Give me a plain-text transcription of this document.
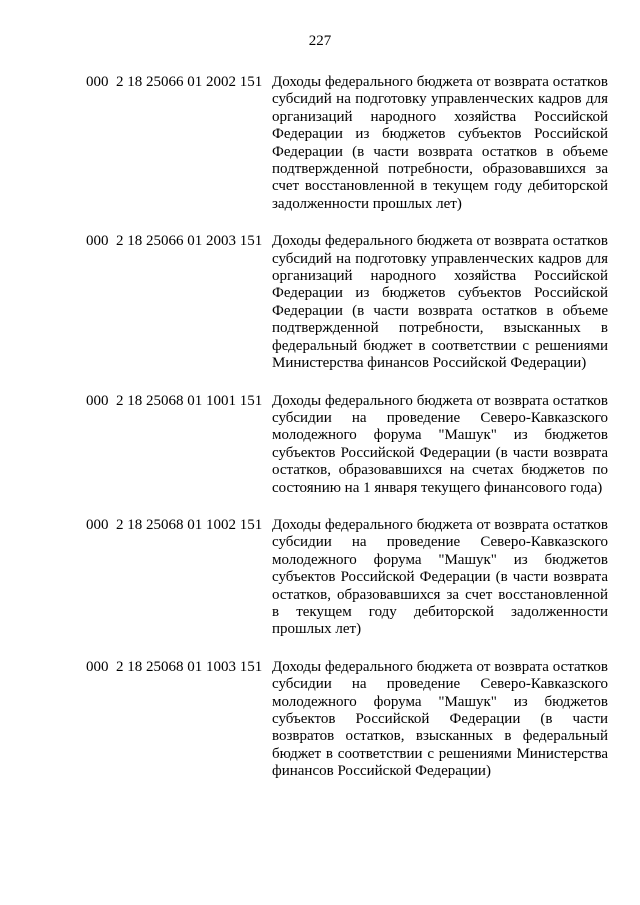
227
000 2 18 25066 01 2002 151 Доходы федерального бюджета от возврата остатков субсидий на подготовку управленческих кадров для организаций народного хозяйства Российской Федерации из бюджетов субъектов Российской Федерации (в части возврата остатков в объеме подтвержденной потребности, образовавшихся за счет восстановленной в текущем году дебиторской задолженности прошлых лет)
000 2 18 25066 01 2003 151 Доходы федерального бюджета от возврата остатков субсидий на подготовку управленческих кадров для организаций народного хозяйства Российской Федерации из бюджетов субъектов Российской Федерации (в части возврата остатков в объеме подтвержденной потребности, взысканных в федеральный бюджет в соответствии с решениями Министерства финансов Российской Федерации)
000 2 18 25068 01 1001 151 Доходы федерального бюджета от возврата остатков субсидии на проведение Северо-Кавказского молодежного форума "Машук" из бюджетов субъектов Российской Федерации (в части возврата остатков, образовавшихся на счетах бюджетов по состоянию на 1 января текущего финансового года)
000 2 18 25068 01 1002 151 Доходы федерального бюджета от возврата остатков субсидии на проведение Северо-Кавказского молодежного форума "Машук" из бюджетов субъектов Российской Федерации (в части возврата остатков, образовавшихся за счет восстановленной в текущем году дебиторской задолженности прошлых лет)
000 2 18 25068 01 1003 151 Доходы федерального бюджета от возврата остатков субсидии на проведение Северо-Кавказского молодежного форума "Машук" из бюджетов субъектов Российской Федерации (в части возвратов остатков, взысканных в федеральный бюджет в соответствии с решениями Министерства финансов Российской Федерации)
